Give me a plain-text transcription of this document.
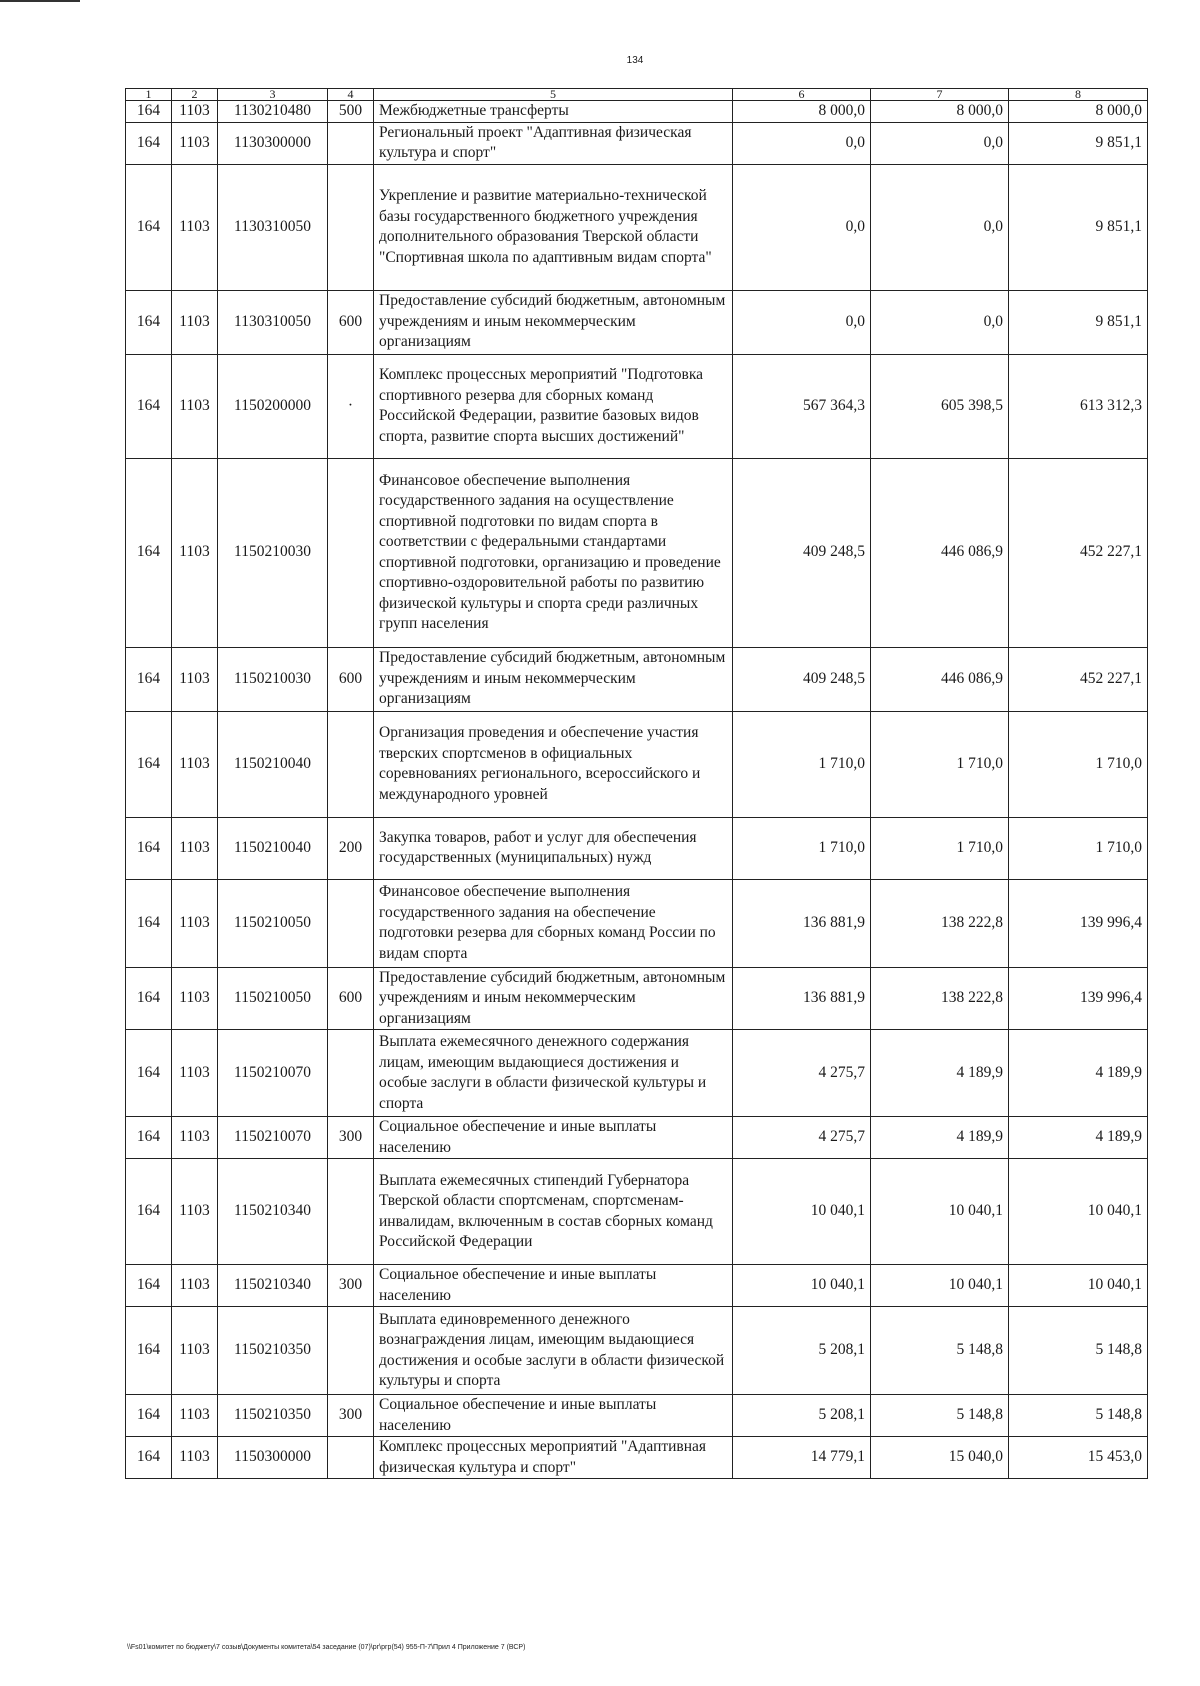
134
1	2	3	4	5	6	7	8
164	1103	1130210480	500	Межбюджетные трансферты	8 000,0	8 000,0	8 000,0
164	1103	1130300000		Региональный проект "Адаптивная физическая культура и спорт"	0,0	0,0	9 851,1
164	1103	1130310050		Укрепление и развитие материально-технической базы государственного бюджетного учреждения дополнительного образования Тверской области "Спортивная школа по адаптивным видам спорта"	0,0	0,0	9 851,1
164	1103	1130310050	600	Предоставление субсидий бюджетным, автономным учреждениям и иным некоммерческим организациям	0,0	0,0	9 851,1
164	1103	1150200000	·	Комплекс процессных мероприятий "Подготовка спортивного резерва для сборных команд Российской Федерации, развитие базовых видов спорта, развитие спорта высших достижений"	567 364,3	605 398,5	613 312,3
164	1103	1150210030		Финансовое обеспечение выполнения государственного задания на осуществление спортивной подготовки по видам спорта в соответствии с федеральными стандартами спортивной подготовки, организацию и проведение спортивно-оздоровительной работы по развитию физической культуры и спорта среди различных групп населения	409 248,5	446 086,9	452 227,1
164	1103	1150210030	600	Предоставление субсидий бюджетным, автономным учреждениям и иным некоммерческим организациям	409 248,5	446 086,9	452 227,1
164	1103	1150210040		Организация проведения и обеспечение участия тверских спортсменов в официальных соревнованиях регионального, всероссийского и международного уровней	1 710,0	1 710,0	1 710,0
164	1103	1150210040	200	Закупка товаров, работ и услуг для обеспечения государственных (муниципальных) нужд	1 710,0	1 710,0	1 710,0
164	1103	1150210050		Финансовое обеспечение выполнения государственного задания на обеспечение подготовки резерва для сборных команд России по видам спорта	136 881,9	138 222,8	139 996,4
164	1103	1150210050	600	Предоставление субсидий бюджетным, автономным учреждениям и иным некоммерческим организациям	136 881,9	138 222,8	139 996,4
164	1103	1150210070		Выплата ежемесячного денежного содержания лицам, имеющим выдающиеся достижения и особые заслуги в области физической культуры и спорта	4 275,7	4 189,9	4 189,9
164	1103	1150210070	300	Социальное обеспечение и иные выплаты населению	4 275,7	4 189,9	4 189,9
164	1103	1150210340		Выплата ежемесячных стипендий Губернатора Тверской области спортсменам, спортсменам-инвалидам, включенным в состав сборных команд Российской Федерации	10 040,1	10 040,1	10 040,1
164	1103	1150210340	300	Социальное обеспечение и иные выплаты населению	10 040,1	10 040,1	10 040,1
164	1103	1150210350		Выплата единовременного денежного вознаграждения лицам, имеющим выдающиеся достижения и особые заслуги в области физической культуры и спорта	5 208,1	5 148,8	5 148,8
164	1103	1150210350	300	Социальное обеспечение и иные выплаты населению	5 208,1	5 148,8	5 148,8
164	1103	1150300000		Комплекс процессных мероприятий "Адаптивная физическая культура и спорт"	14 779,1	15 040,0	15 453,0
\\Fs01\комитет по бюджету\7 созыв\Документы комитета\54 заседание (07)\рг\ргр(54) 955-П-7\Прил 4 Приложение 7 (ВСР)
